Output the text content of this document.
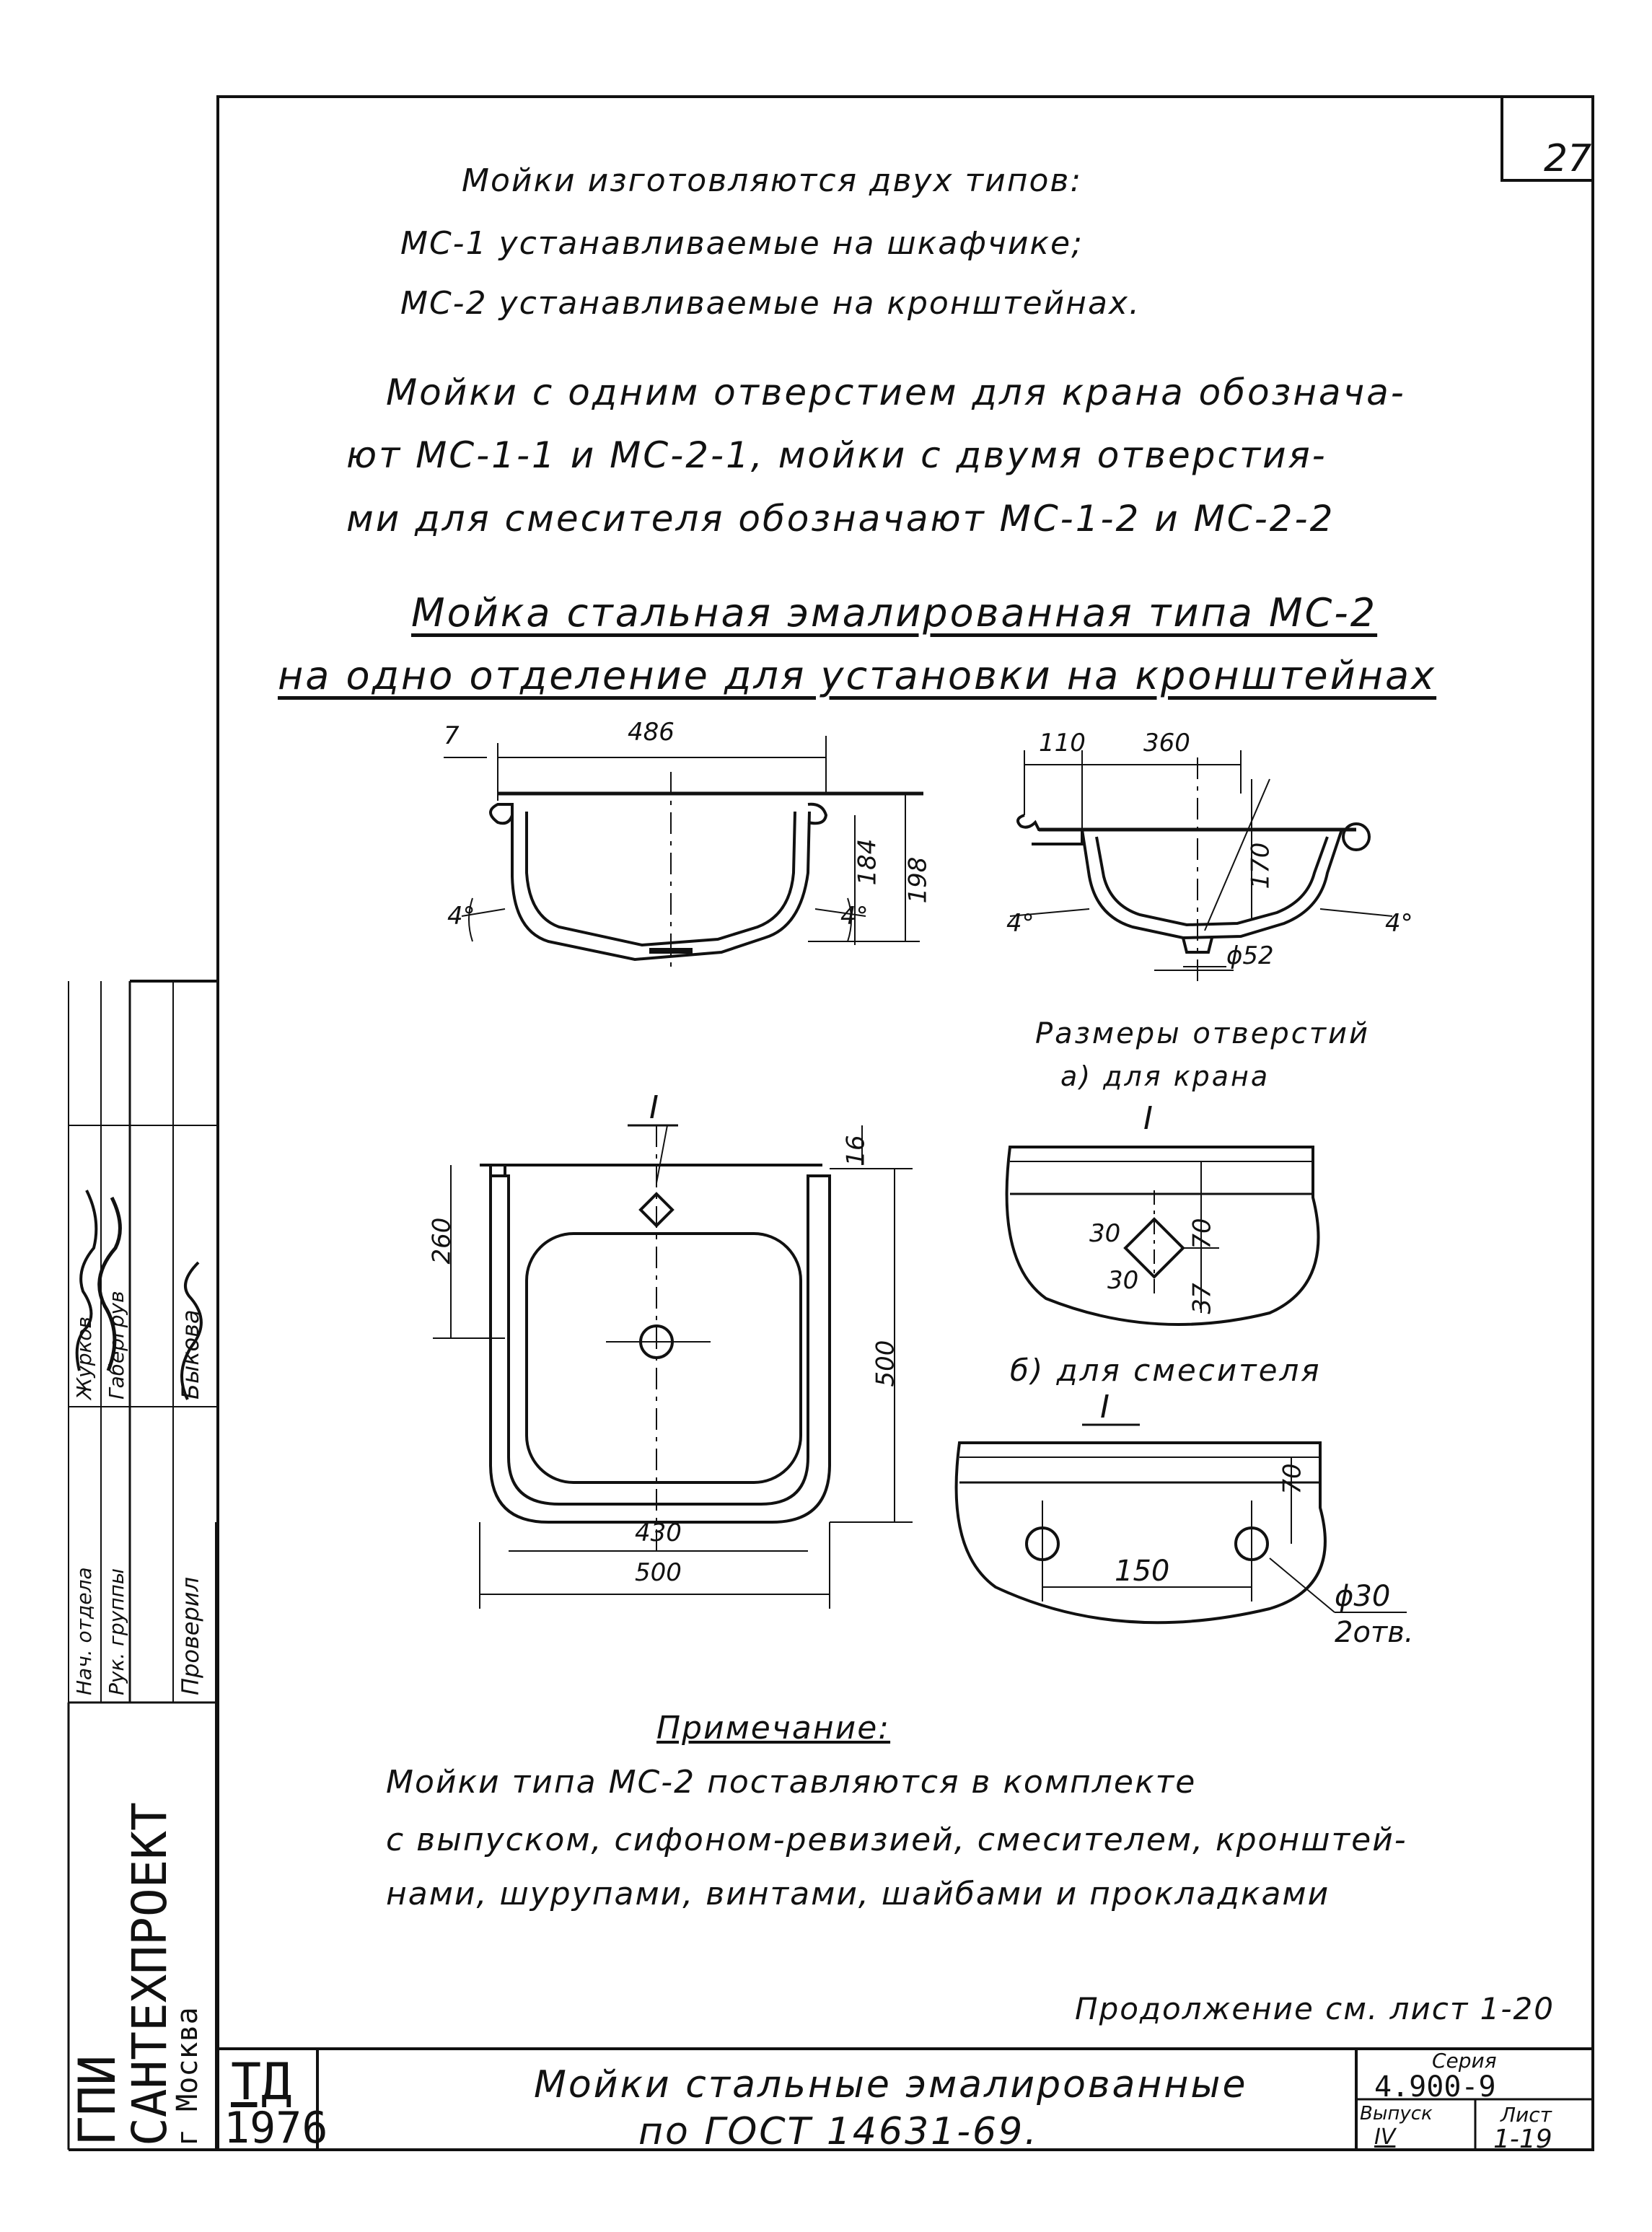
27
Мойки изготовляются двух типов:
МС-1 устанавливаемые на шкафчике;
МС-2 устанавливаемые на кронштейнах.
Мойки с одним отверстием для крана обознача-
ют МС-1-1 и МС-2-1, мойки с двумя отверстия-
ми для смесителя обозначают МС-1-2 и МС-2-2
Мойка стальная эмалированная типа МС-2
на одно отделение для установки на кронштейнах
7	486
184 198
4°	4°
110 360
170
4°	4°
ϕ52
16
260
500
430
500
I
Размеры отверстий
а) для крана
I
30
30
70
37
б) для смесителя
I
70
150
ϕ30
2отв.
Примечание:
Мойки типа МС-2 поставляются в комплекте
с выпуском, сифоном-ревизией, смесителем, кронштей-
нами, шурупами, винтами, шайбами и прокладками
Продолжение см. лист 1-20
ТД
1976
Мойки стальные эмалированные
по ГОСТ 14631-69.
Серия
4.900-9
Выпуск
IV
Лист
1-19
ГПИ
САНТЕХПРОЕКТ
г Москва
Нач. отдела
Журков
Рук. группы
Габергрув
Проверил
Быкова
